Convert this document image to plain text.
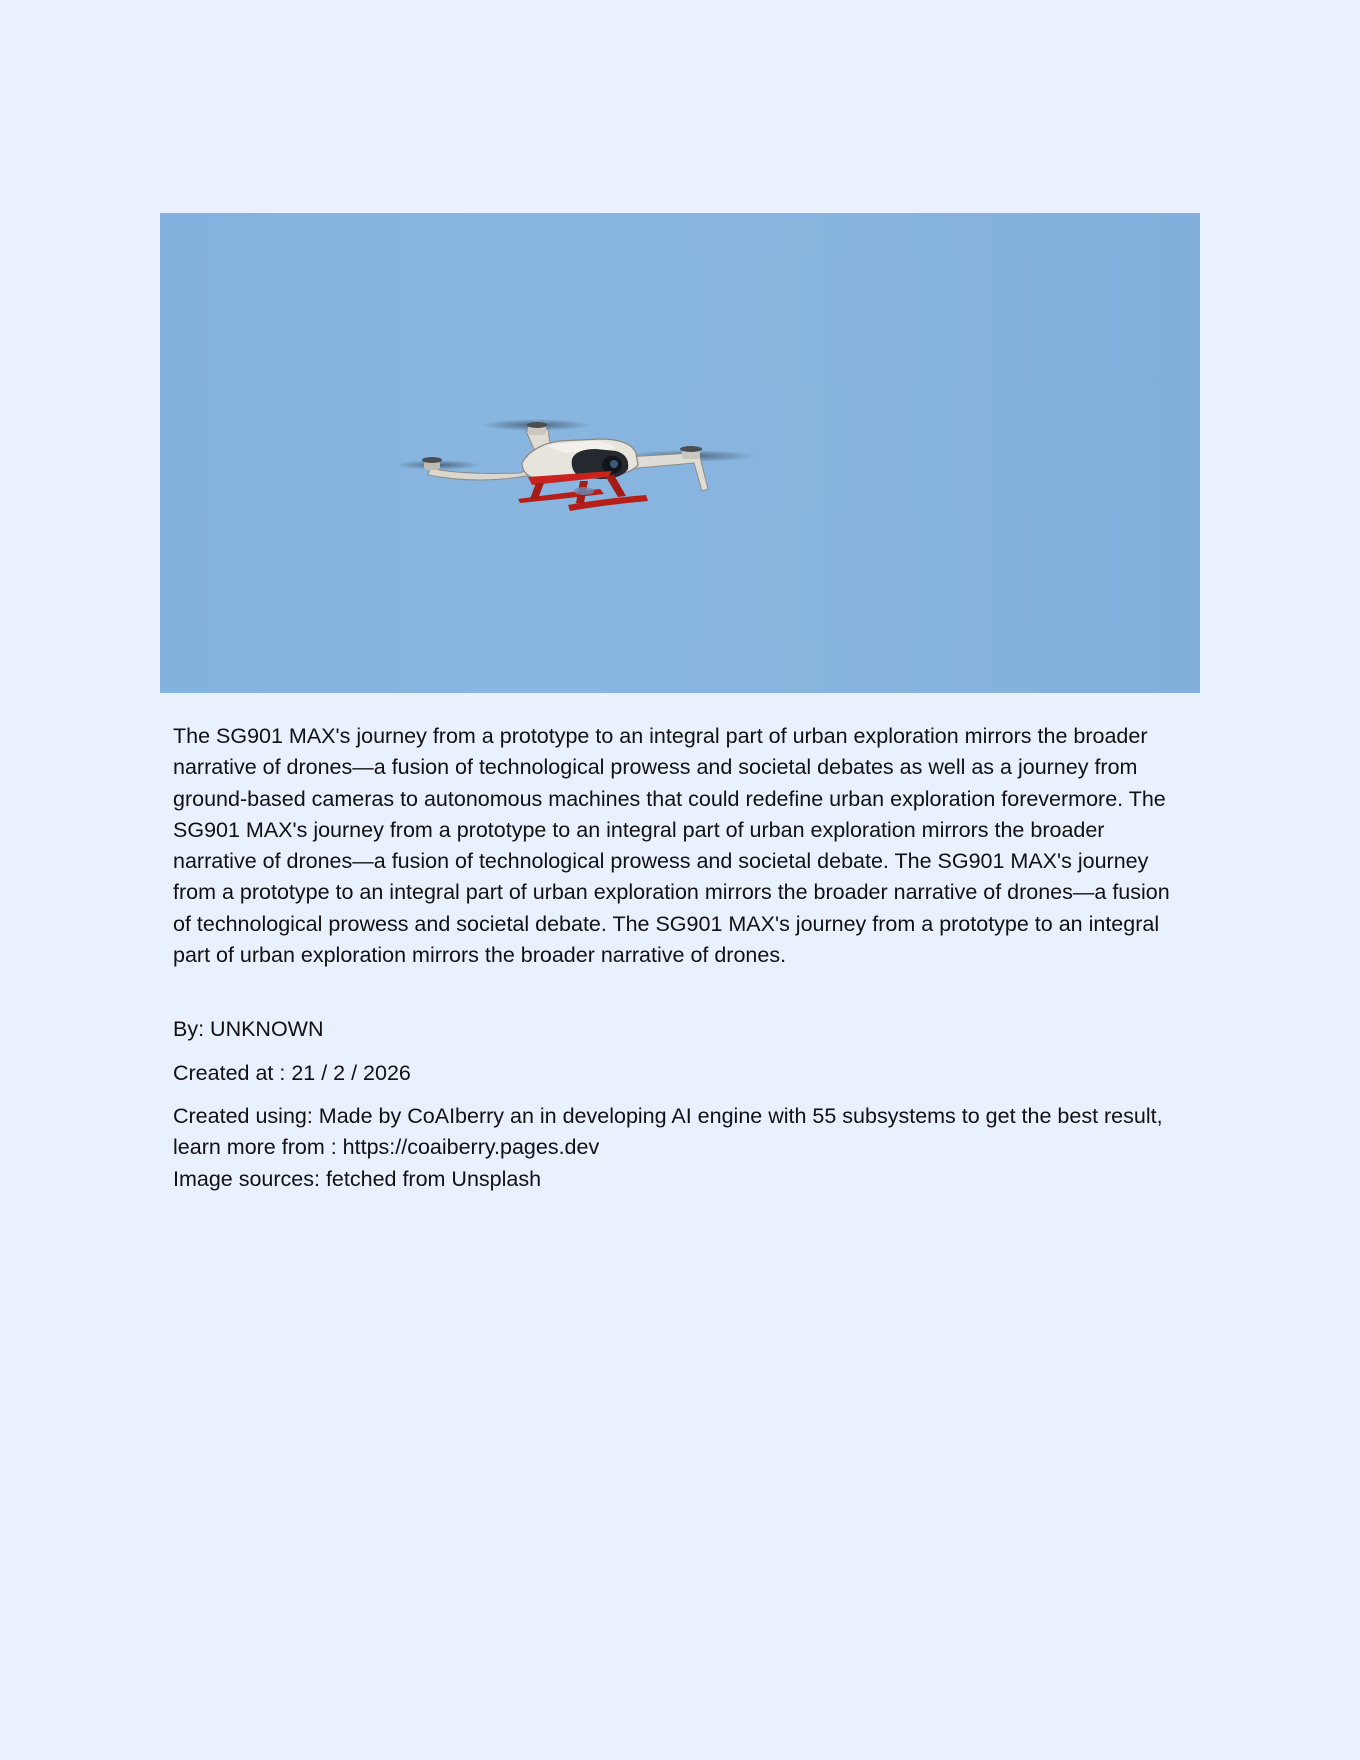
The SG901 MAX's journey from a prototype to an integral part of urban exploration mirrors the broader narrative of drones—a fusion of technological prowess and societal debates as well as a journey from ground-based cameras to autonomous machines that could redefine urban exploration forevermore. The SG901 MAX's journey from a prototype to an integral part of urban exploration mirrors the broader narrative of drones—a fusion of technological prowess and societal debate. The SG901 MAX's journey from a prototype to an integral part of urban exploration mirrors the broader narrative of drones—a fusion of technological prowess and societal debate. The SG901 MAX's journey from a prototype to an integral part of urban exploration mirrors the broader narrative of drones.

By: UNKNOWN
Created at : 21 / 2 / 2026
Created using: Made by CoAIberry an in developing AI engine with 55 subsystems to get the best result, learn more from : https://coaiberry.pages.dev
Image sources: fetched from Unsplash
